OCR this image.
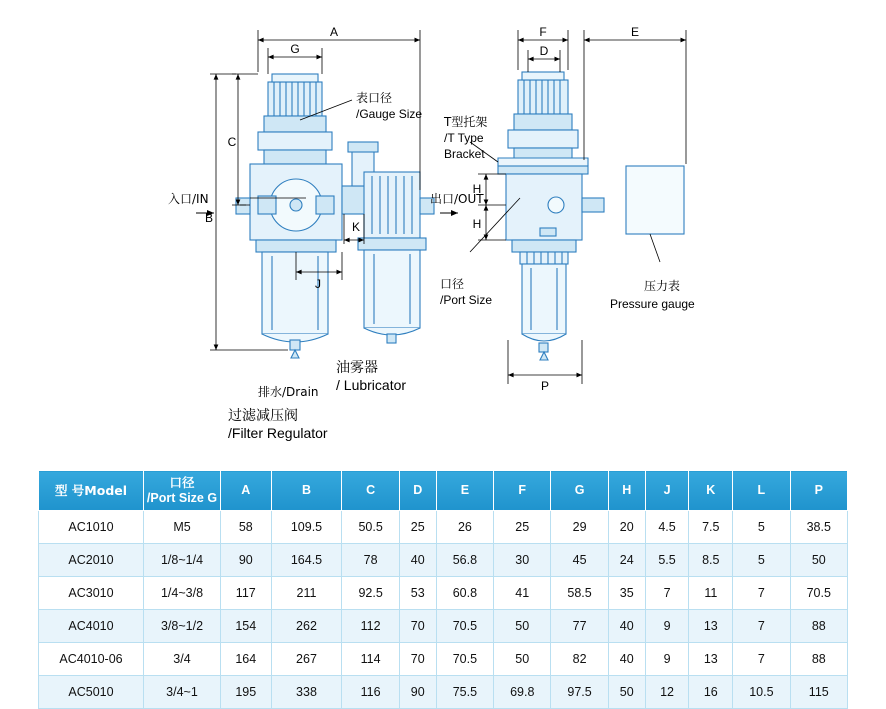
A
G
C
B
J
K
F
D
E
H
H
P
表口径
/Gauge Size
T型托架
/T Type
Bracket
入口/IN	出口/OUT
口径
/Port Size
压力表
Pressure gauge
油雾器
/ Lubricator
排水/Drain
过滤减压阀
/Filter Regulator
型 号Model	口径
/Port Size G	A	B	C	D	E	F	G	H	J	K	L	P

AC1010	M5	58	109.5	50.5	25	26	25	29	20	4.5	7.5	5	38.5
AC2010	1/8~1/4	90	164.5	78	40	56.8	30	45	24	5.5	8.5	5	50
AC3010	1/4~3/8	117	211	92.5	53	60.8	41	58.5	35	7	11	7	70.5
AC4010	3/8~1/2	154	262	112	70	70.5	50	77	40	9	13	7	88
AC4010-06	3/4	164	267	114	70	70.5	50	82	40	9	13	7	88
AC5010	3/4~1	195	338	116	90	75.5	69.8	97.5	50	12	16	10.5	115
